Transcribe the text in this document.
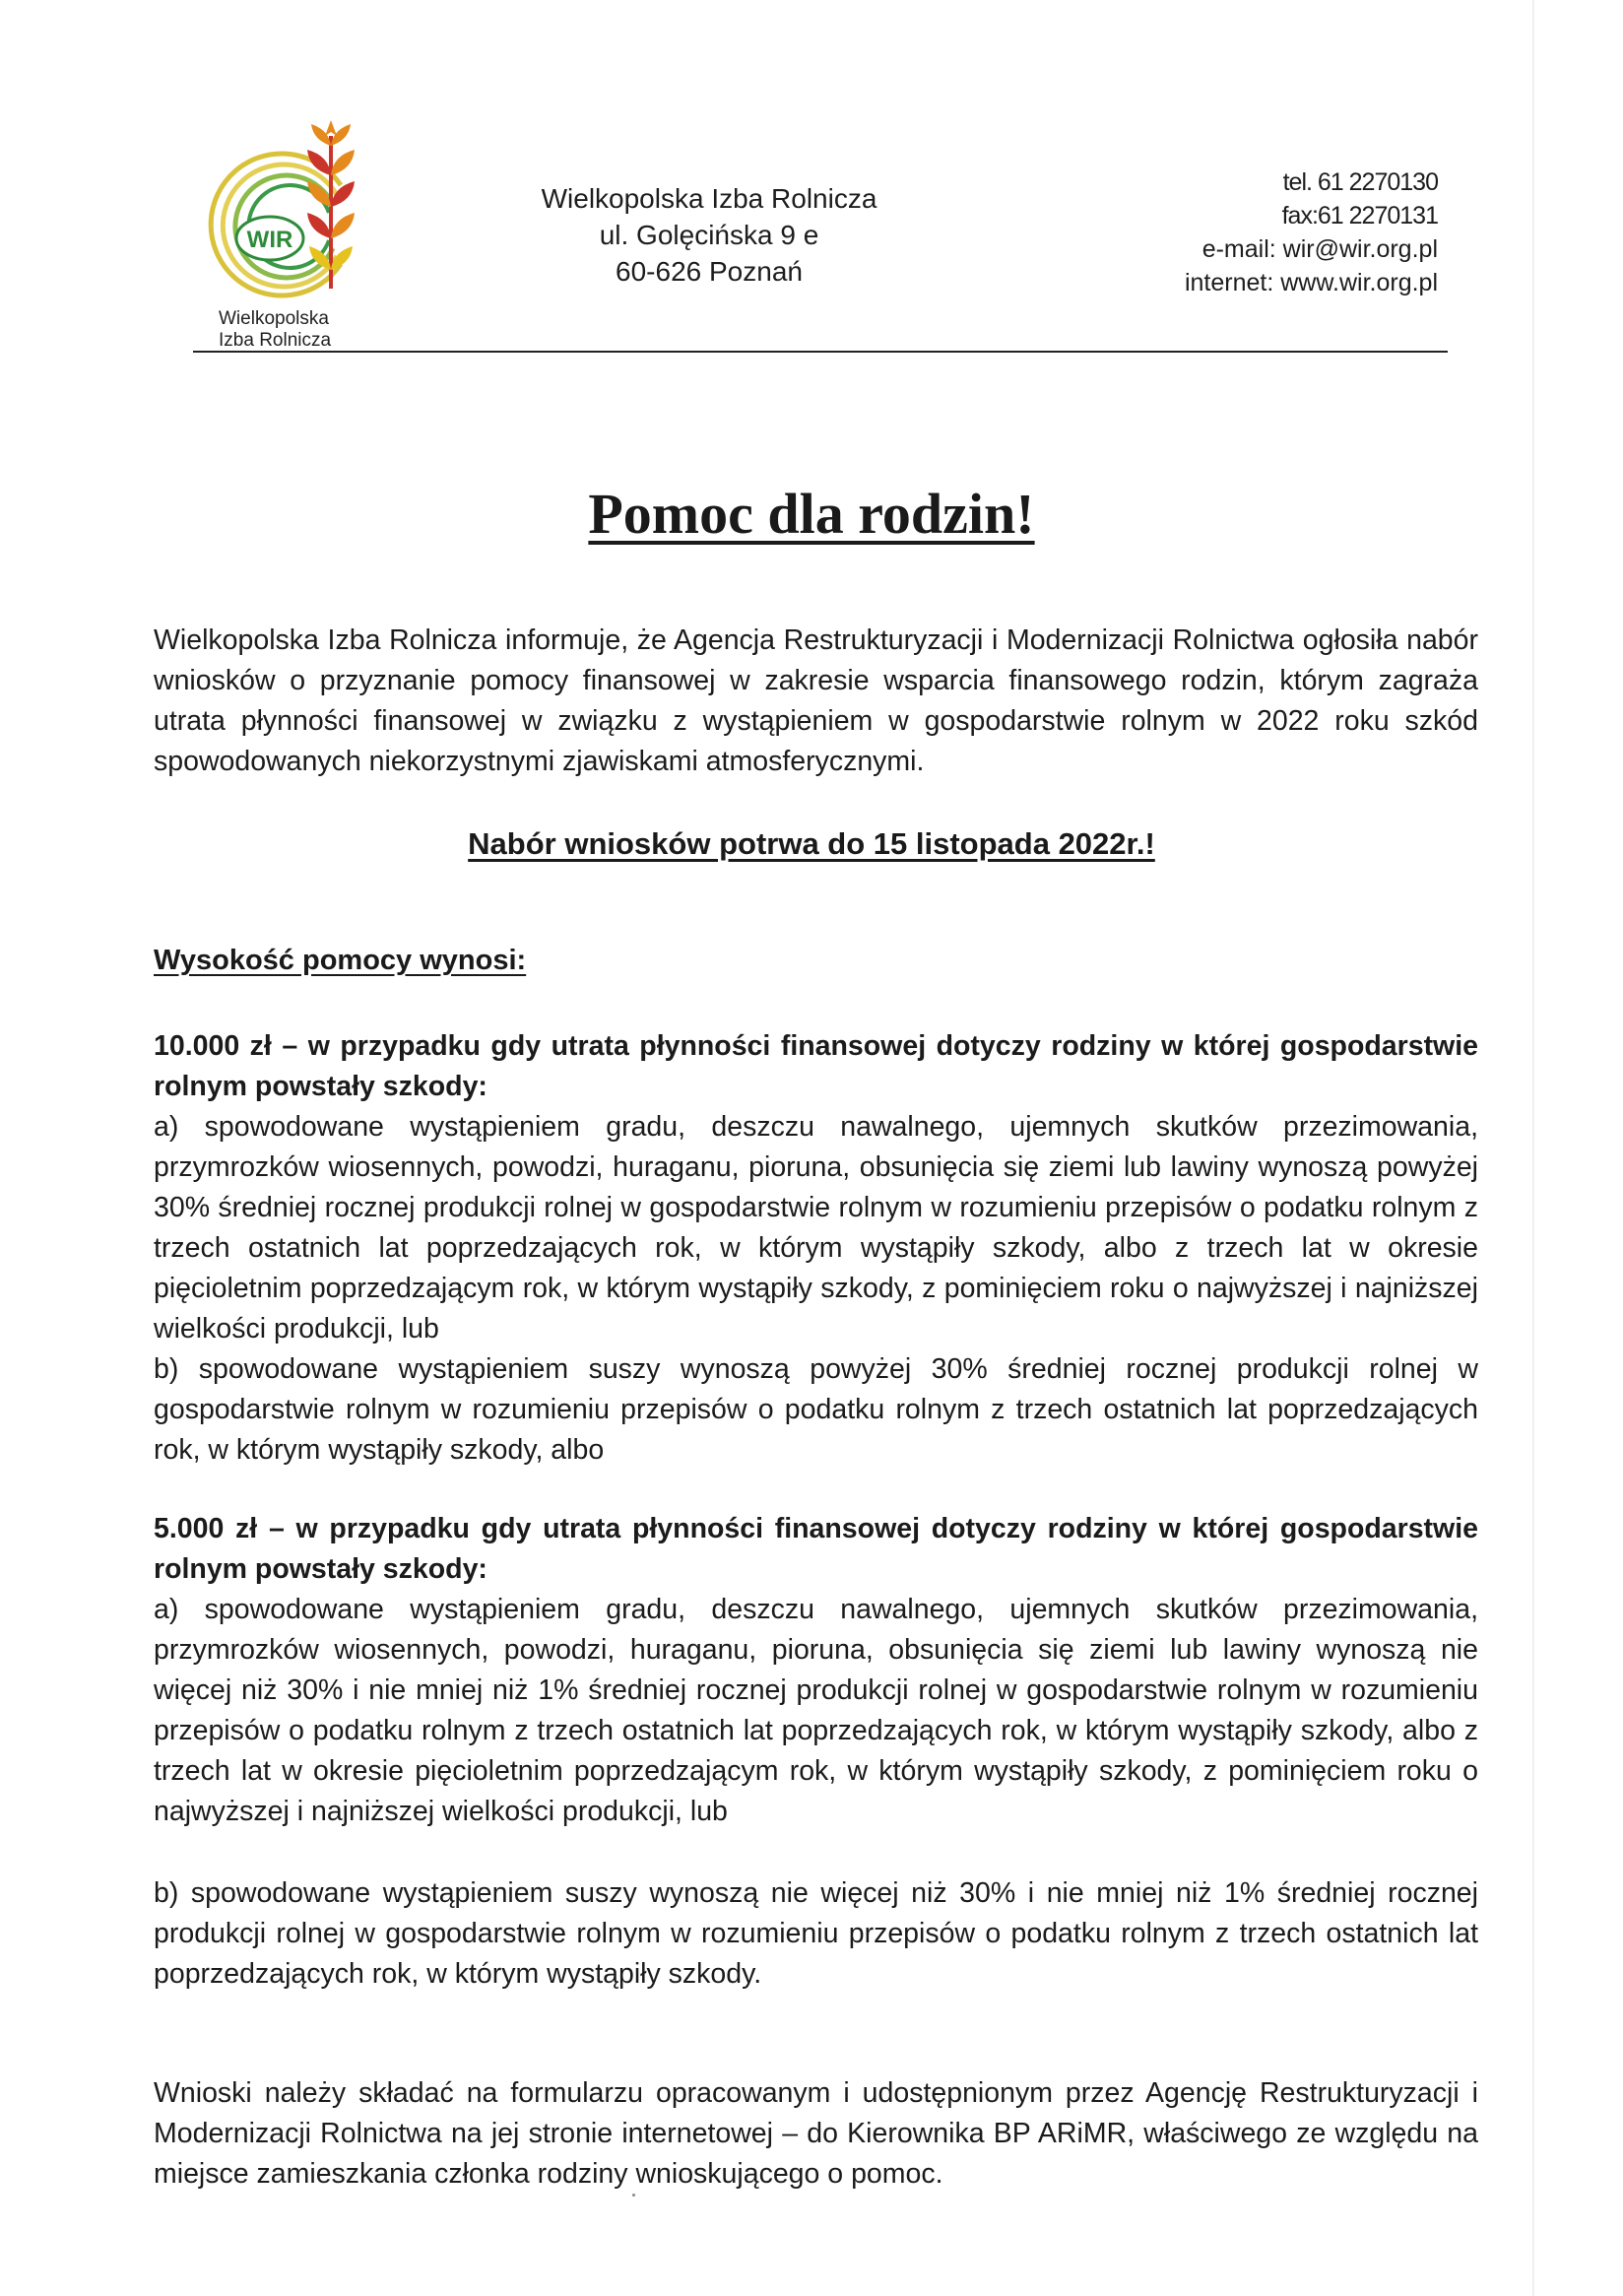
WIR
Wielkopolska
Izba Rolnicza
Wielkopolska Izba Rolnicza
ul. Golęcińska 9 e
60-626 Poznań
tel. 61 2270130
fax:61 2270131
e-mail: wir@wir.org.pl
internet: www.wir.org.pl
Pomoc dla rodzin!

Wielkopolska Izba Rolnicza informuje, że Agencja Restrukturyzacji i Modernizacji Rolnictwa ogłosiła nabór wniosków o przyznanie pomocy finansowej w zakresie wsparcia finansowego rodzin, którym zagraża utrata płynności finansowej w związku z wystąpieniem w gospodarstwie rolnym w 2022 roku szkód spowodowanych niekorzystnymi zjawiskami atmosferycznymi.

Nabór wniosków potrwa do 15 listopada 2022r.!
Wysokość pomocy wynosi:

10.000 zł – w przypadku gdy utrata płynności finansowej dotyczy rodziny w której gospodarstwie rolnym powstały szkody:

a) spowodowane wystąpieniem gradu, deszczu nawalnego, ujemnych skutków przezimowania, przymrozków wiosennych, powodzi, huraganu, pioruna, obsunięcia się ziemi lub lawiny wynoszą powyżej 30% średniej rocznej produkcji rolnej w gospodarstwie rolnym w rozumieniu przepisów o podatku rolnym z trzech ostatnich lat poprzedzających rok, w którym wystąpiły szkody, albo z trzech lat w okresie pięcioletnim poprzedzającym rok, w którym wystąpiły szkody, z pominięciem roku o najwyższej i najniższej wielkości produkcji, lub

b) spowodowane wystąpieniem suszy wynoszą powyżej 30% średniej rocznej produkcji rolnej w gospodarstwie rolnym w rozumieniu przepisów o podatku rolnym z trzech ostatnich lat poprzedzających rok, w którym wystąpiły szkody, albo

5.000 zł – w przypadku gdy utrata płynności finansowej dotyczy rodziny w której gospodarstwie rolnym powstały szkody:

a) spowodowane wystąpieniem gradu, deszczu nawalnego, ujemnych skutków przezimowania, przymrozków wiosennych, powodzi, huraganu, pioruna, obsunięcia się ziemi lub lawiny wynoszą nie więcej niż 30% i nie mniej niż 1% średniej rocznej produkcji rolnej w gospodarstwie rolnym w rozumieniu przepisów o podatku rolnym z trzech ostatnich lat poprzedzających rok, w którym wystąpiły szkody, albo z trzech lat w okresie pięcioletnim poprzedzającym rok, w którym wystąpiły szkody, z pominięciem roku o najwyższej i najniższej wielkości produkcji, lub

b) spowodowane wystąpieniem suszy wynoszą nie więcej niż 30% i nie mniej niż 1% średniej rocznej produkcji rolnej w gospodarstwie rolnym w rozumieniu przepisów o podatku rolnym z trzech ostatnich lat poprzedzających rok, w którym wystąpiły szkody.

Wnioski należy składać na formularzu opracowanym i udostępnionym przez Agencję Restrukturyzacji i Modernizacji Rolnictwa na jej stronie internetowej – do Kierownika BP ARiMR, właściwego ze względu na miejsce zamieszkania członka rodziny wnioskującego o pomoc.
